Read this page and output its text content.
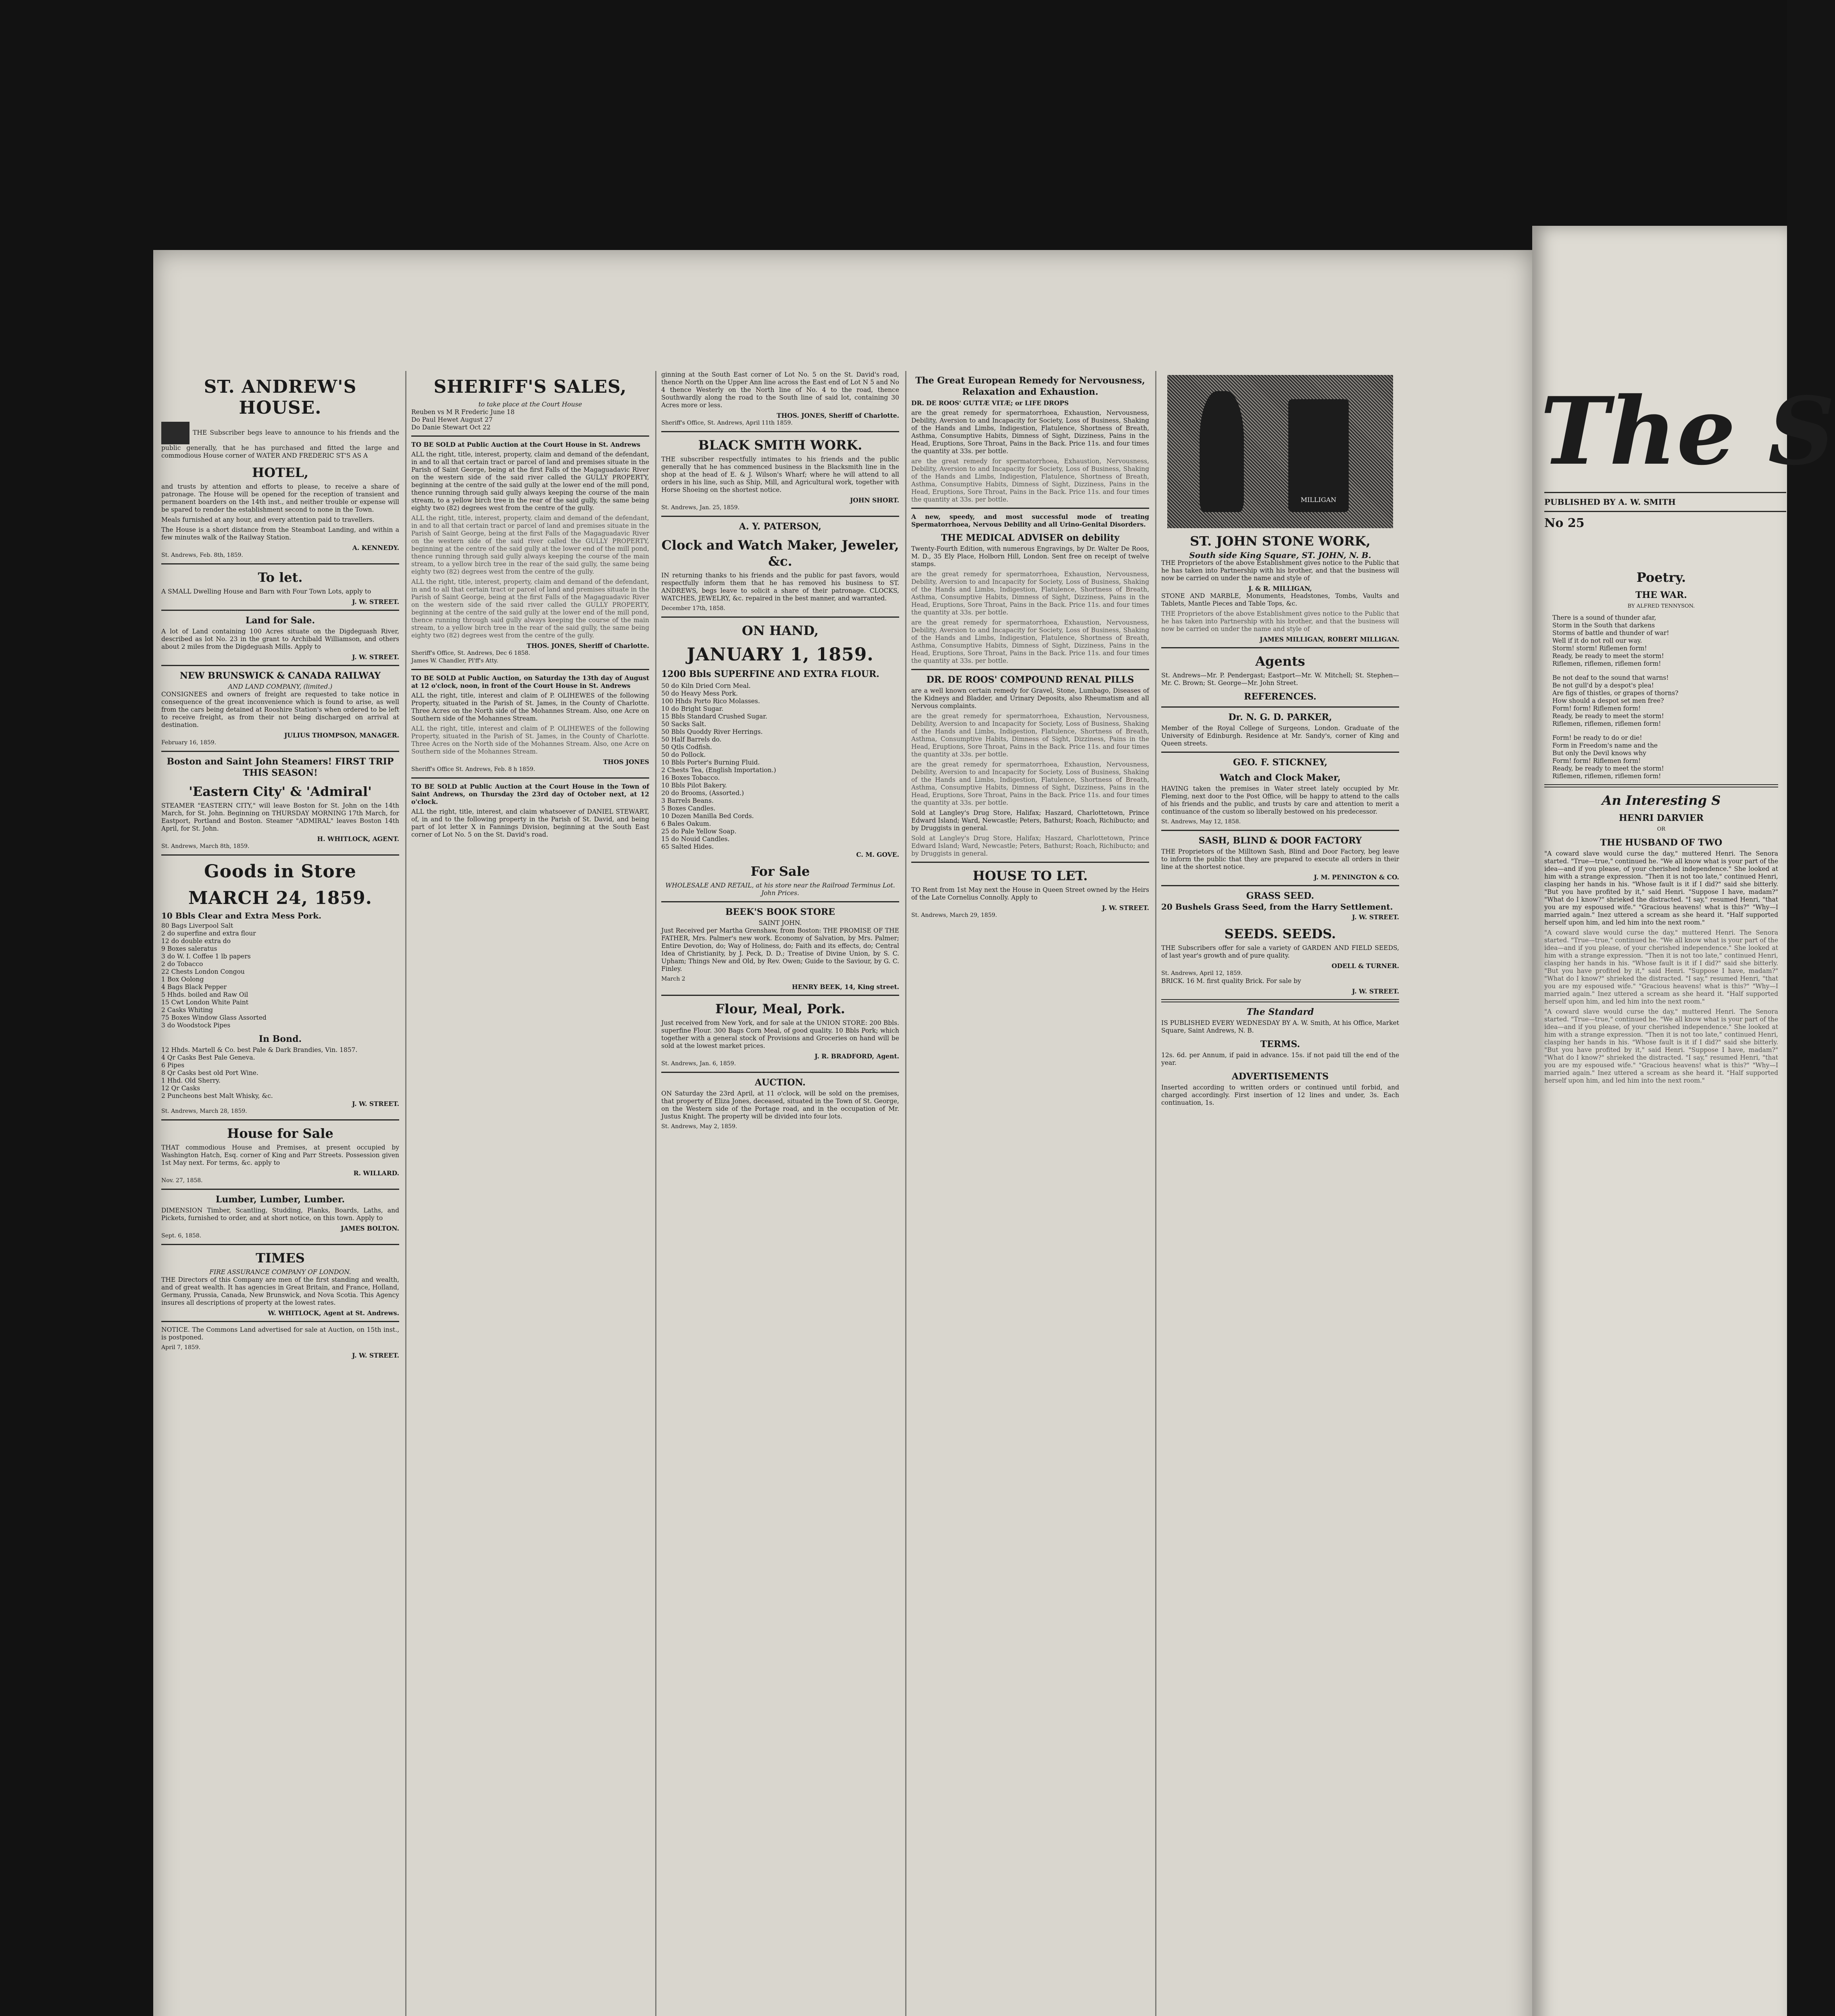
ST. ANDREW'S HOUSE.

THE Subscriber begs leave to announce to his friends and the public generally, that he has purchased and fitted the large and commodious House corner of WATER AND FREDERIC ST'S AS A

HOTEL,

and trusts by attention and efforts to please, to receive a share of patronage. The House will be opened for the reception of transient and permanent boarders on the 14th inst., and neither trouble or expense will be spared to render the establishment second to none in the Town.

Meals furnished at any hour, and every attention paid to travellers.

The House is a short distance from the Steamboat Landing, and within a few minutes walk of the Railway Station.

A. KENNEDY.
St. Andrews, Feb. 8th, 1859.
To let.

A SMALL Dwelling House and Barn with Four Town Lots, apply to

J. W. STREET.
Land for Sale.

A lot of Land containing 100 Acres situate on the Digdeguash River, described as lot No. 23 in the grant to Archibald Williamson, and others about 2 miles from the Digdeguash Mills. Apply to

J. W. STREET.
NEW BRUNSWICK & CANADA RAILWAY
AND LAND COMPANY, (limited.)

CONSIGNEES and owners of freight are requested to take notice in consequence of the great inconvenience which is found to arise, as well from the cars being detained at Rooshire Station's when ordered to be left to receive freight, as from their not being discharged on arrival at destination.

JULIUS THOMPSON, MANAGER.
February 16, 1859.
Boston and Saint John Steamers! FIRST TRIP THIS SEASON!
'Eastern City' & 'Admiral'

STEAMER "EASTERN CITY," will leave Boston for St. John on the 14th March, for St. John. Beginning on THURSDAY MORNING 17th March, for Eastport, Portland and Boston. Steamer "ADMIRAL" leaves Boston 14th April, for St. John.

H. WHITLOCK, AGENT.
St. Andrews, March 8th, 1859.
Goods in Store
MARCH 24, 1859.

10 Bbls Clear and Extra Mess Pork.

80 Bags Liverpool Salt
2 do superfine and extra flour
12 do double extra do
9 Boxes saleratus
3 do W. I. Coffee 1 lb papers
2 do Tobacco
22 Chests London Congou
1 Box Oolong
4 Bags Black Pepper
5 Hhds. boiled and Raw Oil
15 Cwt London White Paint
2 Casks Whiting
75 Boxes Window Glass Assorted
3 do Woodstock Pipes
In Bond.
12 Hhds. Martell & Co. best Pale & Dark Brandies, Vin. 1857.
4 Qr Casks Best Pale Geneva.
6 Pipes
8 Qr Casks best old Port Wine.
1 Hhd. Old Sherry.
12 Qr Casks
2 Puncheons best Malt Whisky, &c.
J. W. STREET.
St. Andrews, March 28, 1859.
House for Sale

THAT commodious House and Premises, at present occupied by Washington Hatch, Esq. corner of King and Parr Streets. Possession given 1st May next. For terms, &c. apply to

R. WILLARD.
Nov. 27, 1858.
Lumber, Lumber, Lumber.

DIMENSION Timber, Scantling, Studding, Planks, Boards, Laths, and Pickets, furnished to order, and at short notice, on this town. Apply to

JAMES BOLTON.
Sept. 6, 1858.
TIMES
FIRE ASSURANCE COMPANY OF LONDON.

THE Directors of this Company are men of the first standing and wealth, and of great wealth. It has agencies in Great Britain, and France, Holland, Germany, Prussia, Canada, New Brunswick, and Nova Scotia. This Agency insures all descriptions of property at the lowest rates.

W. WHITLOCK, Agent at St. Andrews.

NOTICE. The Commons Land advertised for sale at Auction, on 15th inst., is postponed.

April 7, 1859.
J. W. STREET.
SHERIFF'S SALES,
to take place at the Court House
Reuben vs M R Frederic June 18
Do Paul Hewet August 27
Do Danie Stewart Oct 22

TO BE SOLD at Public Auction at the Court House in St. Andrews

ALL the right, title, interest, property, claim and demand of the defendant, in and to all that certain tract or parcel of land and premises situate in the Parish of Saint George, being at the first Falls of the Magaguadavic River on the western side of the said river called the GULLY PROPERTY, beginning at the centre of the said gully at the lower end of the mill pond, thence running through said gully always keeping the course of the main stream, to a yellow birch tree in the rear of the said gully, the same being eighty two (82) degrees west from the centre of the gully.

ALL the right, title, interest, property, claim and demand of the defendant, in and to all that certain tract or parcel of land and premises situate in the Parish of Saint George, being at the first Falls of the Magaguadavic River on the western side of the said river called the GULLY PROPERTY, beginning at the centre of the said gully at the lower end of the mill pond, thence running through said gully always keeping the course of the main stream, to a yellow birch tree in the rear of the said gully, the same being eighty two (82) degrees west from the centre of the gully.

ALL the right, title, interest, property, claim and demand of the defendant, in and to all that certain tract or parcel of land and premises situate in the Parish of Saint George, being at the first Falls of the Magaguadavic River on the western side of the said river called the GULLY PROPERTY, beginning at the centre of the said gully at the lower end of the mill pond, thence running through said gully always keeping the course of the main stream, to a yellow birch tree in the rear of the said gully, the same being eighty two (82) degrees west from the centre of the gully.

THOS. JONES, Sheriff of Charlotte.
Sheriff's Office, St. Andrews, Dec 6 1858.
James W. Chandler, Pl'ff's Atty.

TO BE SOLD at Public Auction, on Saturday the 13th day of August at 12 o'clock, noon, in front of the Court House in St. Andrews

ALL the right, title, interest and claim of P. OLIHEWES of the following Property, situated in the Parish of St. James, in the County of Charlotte. Three Acres on the North side of the Mohannes Stream. Also, one Acre on Southern side of the Mohannes Stream.

ALL the right, title, interest and claim of P. OLIHEWES of the following Property, situated in the Parish of St. James, in the County of Charlotte. Three Acres on the North side of the Mohannes Stream. Also, one Acre on Southern side of the Mohannes Stream.

THOS JONES
Sheriff's Office St. Andrews, Feb. 8 h 1859.

TO BE SOLD at Public Auction at the Court House in the Town of Saint Andrews, on Thursday the 23rd day of October next, at 12 o'clock.

ALL the right, title, interest, and claim whatsoever of DANIEL STEWART, of, in and to the following property in the Parish of St. David, and being part of lot letter X in Fannings Division, beginning at the South East corner of Lot No. 5 on the St. David's road.

ginning at the South East corner of Lot No. 5 on the St. David's road, thence North on the Upper Ann line across the East end of Lot N 5 and No 4 thence Westerly on the North line of No. 4 to the road, thence Southwardly along the road to the South line of said lot, containing 30 Acres more or less.

THOS. JONES, Sheriff of Charlotte.
Sheriff's Office, St. Andrews, April 11th 1859.
BLACK SMITH WORK.

THE subscriber respectfully intimates to his friends and the public generally that he has commenced business in the Blacksmith line in the shop at the head of E. & J. Wilson's Wharf; where he will attend to all orders in his line, such as Ship, Mill, and Agricultural work, together with Horse Shoeing on the shortest notice.

JOHN SHORT.
St. Andrews, Jan. 25, 1859.
A. Y. PATERSON,
Clock and Watch Maker, Jeweler, &c.

IN returning thanks to his friends and the public for past favors, would respectfully inform them that he has removed his business to ST. ANDREWS, begs leave to solicit a share of their patronage. CLOCKS, WATCHES, JEWELRY, &c. repaired in the best manner, and warranted.

December 17th, 1858.
ON HAND,
JANUARY 1, 1859.

1200 Bbls SUPERFINE AND EXTRA FLOUR.

50 do Kiln Dried Corn Meal.
50 do Heavy Mess Pork.
100 Hhds Porto Rico Molasses.
10 do Bright Sugar.
15 Bbls Standard Crushed Sugar.
50 Sacks Salt.
50 Bbls Quoddy River Herrings.
50 Half Barrels do.
50 Qtls Codfish.
50 do Pollock.
10 Bbls Porter's Burning Fluid.
2 Chests Tea, (English Importation.)
16 Boxes Tobacco.
10 Bbls Pilot Bakery.
20 do Brooms, (Assorted.)
3 Barrels Beans.
5 Boxes Candles.
10 Dozen Manilla Bed Cords.
6 Bales Oakum.
25 do Pale Yellow Soap.
15 do Nouid Candles.
65 Salted Hides.
C. M. GOVE.
For Sale
WHOLESALE AND RETAIL, at his store near the Railroad Terminus Lot. John Prices.
BEEK'S BOOK STORE
SAINT JOHN.

Just Received per Martha Grenshaw, from Boston: THE PROMISE OF THE FATHER, Mrs. Palmer's new work. Economy of Salvation, by Mrs. Palmer; Entire Devotion, do; Way of Holiness, do; Faith and its effects, do; Central Idea of Christianity, by J. Peck, D. D.; Treatise of Divine Union, by S. C. Upham; Things New and Old, by Rev. Owen; Guide to the Saviour, by G. C. Finley.

March 2
HENRY BEEK, 14, King street.
Flour, Meal, Pork.

Just received from New York, and for sale at the UNION STORE: 200 Bbls. superfine Flour. 300 Bags Corn Meal, of good quality. 10 Bbls Pork; which together with a general stock of Provisions and Groceries on hand will be sold at the lowest market prices.

J. R. BRADFORD, Agent.
St. Andrews, Jan. 6, 1859.
AUCTION.

ON Saturday the 23rd April, at 11 o'clock, will be sold on the premises, that property of Eliza Jones, deceased, situated in the Town of St. George, on the Western side of the Portage road, and in the occupation of Mr. Justus Knight. The property will be divided into four lots.

St. Andrews, May 2, 1859.
The Great European Remedy for Nervousness, Relaxation and Exhaustion.

DR. DE ROOS' GUTTÆ VITÆ; or LIFE DROPS

are the great remedy for spermatorrhoea, Exhaustion, Nervousness, Debility, Aversion to and Incapacity for Society, Loss of Business, Shaking of the Hands and Limbs, Indigestion, Flatulence, Shortness of Breath, Asthma, Consumptive Habits, Dimness of Sight, Dizziness, Pains in the Head, Eruptions, Sore Throat, Pains in the Back. Price 11s. and four times the quantity at 33s. per bottle.

are the great remedy for spermatorrhoea, Exhaustion, Nervousness, Debility, Aversion to and Incapacity for Society, Loss of Business, Shaking of the Hands and Limbs, Indigestion, Flatulence, Shortness of Breath, Asthma, Consumptive Habits, Dimness of Sight, Dizziness, Pains in the Head, Eruptions, Sore Throat, Pains in the Back. Price 11s. and four times the quantity at 33s. per bottle.

A new, speedy, and most successful mode of treating Spermatorrhoea, Nervous Debility and all Urino-Genital Disorders.

THE MEDICAL ADVISER on debility

Twenty-Fourth Edition, with numerous Engravings, by Dr. Walter De Roos, M. D., 35 Ely Place, Holborn Hill, London. Sent free on receipt of twelve stamps.

are the great remedy for spermatorrhoea, Exhaustion, Nervousness, Debility, Aversion to and Incapacity for Society, Loss of Business, Shaking of the Hands and Limbs, Indigestion, Flatulence, Shortness of Breath, Asthma, Consumptive Habits, Dimness of Sight, Dizziness, Pains in the Head, Eruptions, Sore Throat, Pains in the Back. Price 11s. and four times the quantity at 33s. per bottle.

are the great remedy for spermatorrhoea, Exhaustion, Nervousness, Debility, Aversion to and Incapacity for Society, Loss of Business, Shaking of the Hands and Limbs, Indigestion, Flatulence, Shortness of Breath, Asthma, Consumptive Habits, Dimness of Sight, Dizziness, Pains in the Head, Eruptions, Sore Throat, Pains in the Back. Price 11s. and four times the quantity at 33s. per bottle.

DR. DE ROOS' COMPOUND RENAL PILLS

are a well known certain remedy for Gravel, Stone, Lumbago, Diseases of the Kidneys and Bladder, and Urinary Deposits, also Rheumatism and all Nervous complaints.

are the great remedy for spermatorrhoea, Exhaustion, Nervousness, Debility, Aversion to and Incapacity for Society, Loss of Business, Shaking of the Hands and Limbs, Indigestion, Flatulence, Shortness of Breath, Asthma, Consumptive Habits, Dimness of Sight, Dizziness, Pains in the Head, Eruptions, Sore Throat, Pains in the Back. Price 11s. and four times the quantity at 33s. per bottle.

are the great remedy for spermatorrhoea, Exhaustion, Nervousness, Debility, Aversion to and Incapacity for Society, Loss of Business, Shaking of the Hands and Limbs, Indigestion, Flatulence, Shortness of Breath, Asthma, Consumptive Habits, Dimness of Sight, Dizziness, Pains in the Head, Eruptions, Sore Throat, Pains in the Back. Price 11s. and four times the quantity at 33s. per bottle.

Sold at Langley's Drug Store, Halifax; Haszard, Charlottetown, Prince Edward Island; Ward, Newcastle; Peters, Bathurst; Roach, Richibucto; and by Druggists in general.

Sold at Langley's Drug Store, Halifax; Haszard, Charlottetown, Prince Edward Island; Ward, Newcastle; Peters, Bathurst; Roach, Richibucto; and by Druggists in general.

HOUSE TO LET.

TO Rent from 1st May next the House in Queen Street owned by the Heirs of the Late Cornelius Connolly. Apply to

J. W. STREET.
St. Andrews, March 29, 1859.
MILLIGAN
ST. JOHN STONE WORK,
South side King Square, ST. JOHN, N. B.

THE Proprietors of the above Establishment gives notice to the Public that he has taken into Partnership with his brother, and that the business will now be carried on under the name and style of

J. & R. MILLIGAN,

STONE AND MARBLE, Monuments, Headstones, Tombs, Vaults and Tablets, Mantle Pieces and Table Tops, &c.

THE Proprietors of the above Establishment gives notice to the Public that he has taken into Partnership with his brother, and that the business will now be carried on under the name and style of

JAMES MILLIGAN, ROBERT MILLIGAN.
Agents

St. Andrews—Mr. P. Pendergast; Eastport—Mr. W. Mitchell; St. Stephen—Mr. C. Brown; St. George—Mr. John Street.

REFERENCES.
Dr. N. G. D. PARKER,

Member of the Royal College of Surgeons, London. Graduate of the University of Edinburgh. Residence at Mr. Sandy's, corner of King and Queen streets.

GEO. F. STICKNEY,
Watch and Clock Maker,

HAVING taken the premises in Water street lately occupied by Mr. Fleming, next door to the Post Office, will be happy to attend to the calls of his friends and the public, and trusts by care and attention to merit a continuance of the custom so liberally bestowed on his predecessor.

St. Andrews, May 12, 1858.
SASH, BLIND & DOOR FACTORY

THE Proprietors of the Milltown Sash, Blind and Door Factory, beg leave to inform the public that they are prepared to execute all orders in their line at the shortest notice.

J. M. PENINGTON & CO.
GRASS SEED.

20 Bushels Grass Seed, from the Harry Settlement.

J. W. STREET.
SEEDS. SEEDS.

THE Subscribers offer for sale a variety of GARDEN AND FIELD SEEDS, of last year's growth and of pure quality.

ODELL & TURNER.
St. Andrews, April 12, 1859.

BRICK. 16 M. first quality Brick. For sale by

J. W. STREET.
The Standard

IS PUBLISHED EVERY WEDNESDAY BY A. W. Smith, At his Office, Market Square, Saint Andrews, N. B.

TERMS.

12s. 6d. per Annum, if paid in advance. 15s. if not paid till the end of the year.

ADVERTISEMENTS

Inserted according to written orders or continued until forbid, and charged accordingly. First insertion of 12 lines and under, 3s. Each continuation, 1s.

The S
PUBLISHED BY A. W. SMITH
No 25
Poetry.
THE WAR.
BY ALFRED TENNYSON.
There is a sound of thunder afar,
Storm in the South that darkens
Storms of battle and thunder of war!
Well if it do not roll our way.
Storm! storm! Riflemen form!
Ready, be ready to meet the storm!
Riflemen, riflemen, riflemen form!
Be not deaf to the sound that warns!
Be not gull'd by a despot's plea!
Are figs of thistles, or grapes of thorns?
How should a despot set men free?
Form! form! Riflemen form!
Ready, be ready to meet the storm!
Riflemen, riflemen, riflemen form!
Form! be ready to do or die!
Form in Freedom's name and the
But only the Devil knows why
Form! form! Riflemen form!
Ready, be ready to meet the storm!
Riflemen, riflemen, riflemen form!
An Interesting S
HENRI DARVIER
OR
THE HUSBAND OF TWO

"A coward slave would curse the day," muttered Henri. The Senora started. "True—true," continued he. "We all know what is your part of the idea—and if you please, of your cherished independence." She looked at him with a strange expression. "Then it is not too late," continued Henri, clasping her hands in his. "Whose fault is it if I did?" said she bitterly. "But you have profited by it," said Henri. "Suppose I have, madam?" "What do I know?" shrieked the distracted. "I say," resumed Henri, "that you are my espoused wife." "Gracious heavens! what is this?" "Why—I married again." Inez uttered a scream as she heard it. "Half supported herself upon him, and led him into the next room."

"A coward slave would curse the day," muttered Henri. The Senora started. "True—true," continued he. "We all know what is your part of the idea—and if you please, of your cherished independence." She looked at him with a strange expression. "Then it is not too late," continued Henri, clasping her hands in his. "Whose fault is it if I did?" said she bitterly. "But you have profited by it," said Henri. "Suppose I have, madam?" "What do I know?" shrieked the distracted. "I say," resumed Henri, "that you are my espoused wife." "Gracious heavens! what is this?" "Why—I married again." Inez uttered a scream as she heard it. "Half supported herself upon him, and led him into the next room."

"A coward slave would curse the day," muttered Henri. The Senora started. "True—true," continued he. "We all know what is your part of the idea—and if you please, of your cherished independence." She looked at him with a strange expression. "Then it is not too late," continued Henri, clasping her hands in his. "Whose fault is it if I did?" said she bitterly. "But you have profited by it," said Henri. "Suppose I have, madam?" "What do I know?" shrieked the distracted. "I say," resumed Henri, "that you are my espoused wife." "Gracious heavens! what is this?" "Why—I married again." Inez uttered a scream as she heard it. "Half supported herself upon him, and led him into the next room."
